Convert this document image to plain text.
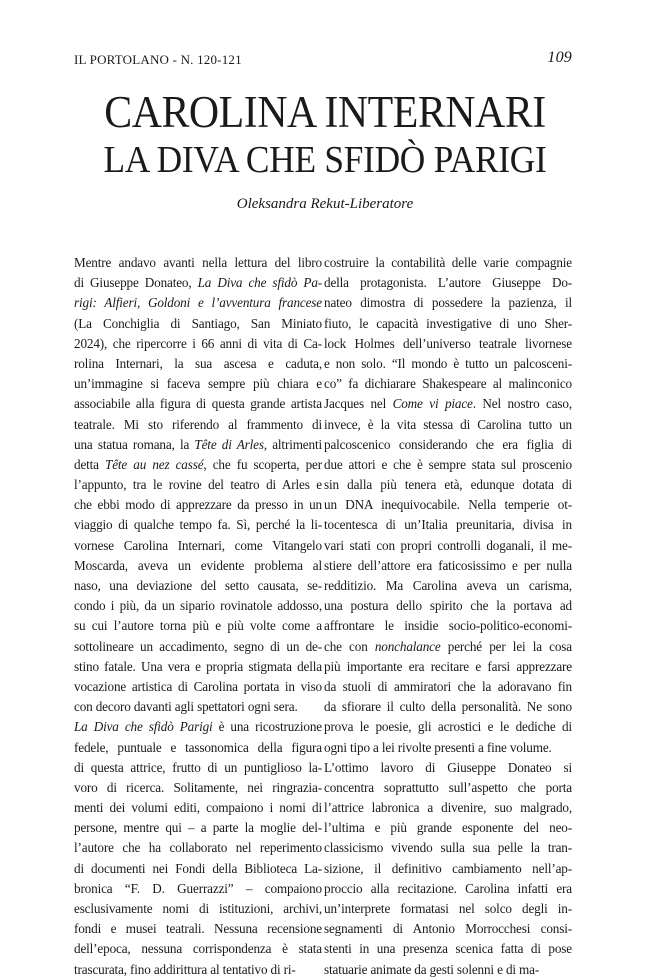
IL PORTOLANO - N. 120-121	109
CAROLINA INTERNARI
LA DIVA CHE SFIDÒ PARIGI
Oleksandra Rekut-Liberatore
Mentre andavo avanti nella lettura del libro
di Giuseppe Donateo, La Diva che sfidò Pa-
rigi: Alfieri, Goldoni e l’avventura francese
(La Conchiglia di Santiago, San Miniato
2024), che ripercorre i 66 anni di vita di Ca-
rolina Internari, la sua ascesa e caduta,
un’immagine si faceva sempre più chiara e
associabile alla figura di questa grande artista
teatrale. Mi sto riferendo al frammento di
una statua romana, la Tête di Arles, altrimenti
detta Tête au nez cassé, che fu scoperta, per
l’appunto, tra le rovine del teatro di Arles e
che ebbi modo di apprezzare da presso in un
viaggio di qualche tempo fa. Sì, perché la li-
vornese Carolina Internari, come Vitangelo
Moscarda, aveva un evidente problema al
naso, una deviazione del setto causata, se-
condo i più, da un sipario rovinatole addosso,
su cui l’autore torna più e più volte come a
sottolineare un accadimento, segno di un de-
stino fatale. Una vera e propria stigmata della
vocazione artistica di Carolina portata in viso
con decoro davanti agli spettatori ogni sera.
La Diva che sfidò Parigi è una ricostruzione
fedele, puntuale e tassonomica della figura
di questa attrice, frutto di un puntiglioso la-
voro di ricerca. Solitamente, nei ringrazia-
menti dei volumi editi, compaiono i nomi di
persone, mentre qui – a parte la moglie del-
l’autore che ha collaborato nel reperimento
di documenti nei Fondi della Biblioteca La-
bronica “F. D. Guerrazzi” – compaiono
esclusivamente nomi di istituzioni, archivi,
fondi e musei teatrali. Nessuna recensione
dell’epoca, nessuna corrispondenza è stata
trascurata, fino addirittura al tentativo di ri-
costruire la contabilità delle varie compagnie
della protagonista. L’autore Giuseppe Do-
nateo dimostra di possedere la pazienza, il
fiuto, le capacità investigative di uno Sher-
lock Holmes dell’universo teatrale livornese
e non solo. “Il mondo è tutto un palcosceni-
co” fa dichiarare Shakespeare al malinconico
Jacques nel Come vi piace. Nel nostro caso,
invece, è la vita stessa di Carolina tutto un
palcoscenico considerando che era figlia di
due attori e che è sempre stata sul proscenio
sin dalla più tenera età, edunque dotata di
un DNA inequivocabile. Nella temperie ot-
tocentesca di un’Italia preunitaria, divisa in
vari stati con propri controlli doganali, il me-
stiere dell’attore era faticosissimo e per nulla
redditizio. Ma Carolina aveva un carisma,
una postura dello spirito che la portava ad
affrontare le insidie socio-politico-economi-
che con nonchalance perché per lei la cosa
più importante era recitare e farsi apprezzare
da stuoli di ammiratori che la adoravano fin
da sfiorare il culto della personalità. Ne sono
prova le poesie, gli acrostici e le dediche di
ogni tipo a lei rivolte presenti a fine volume.
L’ottimo lavoro di Giuseppe Donateo si
concentra soprattutto sull’aspetto che porta
l’attrice labronica a divenire, suo malgrado,
l’ultima e più grande esponente del neo-
classicismo vivendo sulla sua pelle la tran-
sizione, il definitivo cambiamento nell’ap-
proccio alla recitazione. Carolina infatti era
un’interprete formatasi nel solco degli in-
segnamenti di Antonio Morrocchesi consi-
stenti in una presenza scenica fatta di pose
statuarie animate da gesti solenni e di ma-
